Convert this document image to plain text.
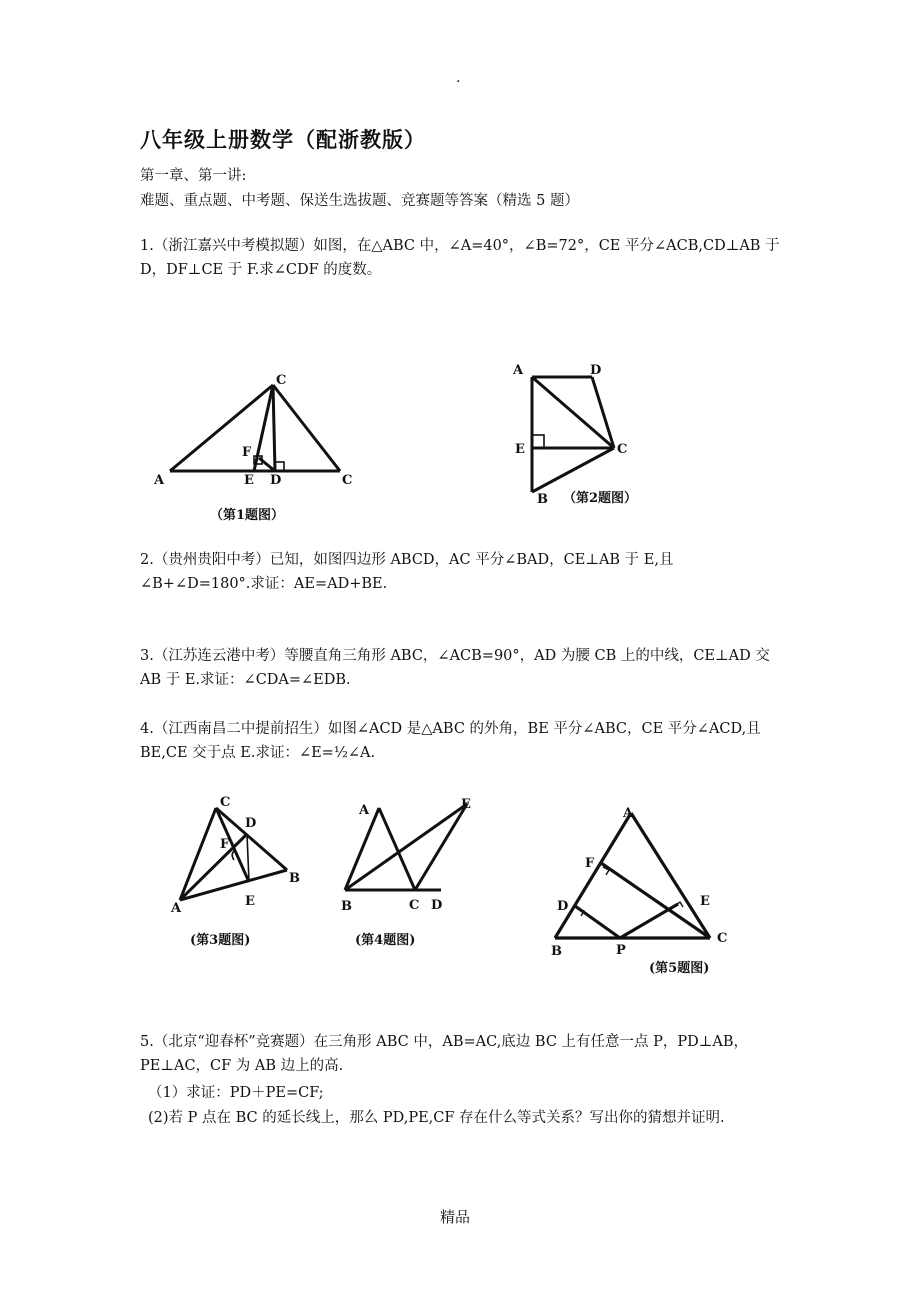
.
八年级上册数学（配浙教版）
第一章、第一讲:
难题、重点题、中考题、保送生选拔题、竞赛题等答案（精选 5 题）
1.（浙江嘉兴中考模拟题）如图，在△ABC 中，∠A=40°，∠B=72°，CE 平分∠ACB,CD⊥AB 于 D，DF⊥CE 于 F.求∠CDF 的度数。
A
C
C
F
E D
（第1题图）
A	D
E	C
B （第2题图）
2.（贵州贵阳中考）已知，如图四边形 ABCD，AC 平分∠BAD，CE⊥AB 于 E,且∠B+∠D=180°.求证：AE=AD+BE.
3.（江苏连云港中考）等腰直角三角形 ABC，∠ACB=90°，AD 为腰 CB 上的中线，CE⊥AD 交 AB 于 E.求证：∠CDA=∠EDB.
4.（江西南昌二中提前招生）如图∠ACD 是△ABC 的外角，BE 平分∠ABC，CE 平分∠ACD,且 BE,CE 交于点 E.求证：∠E=½∠A.
C
D
F
B
A	E
(第3题图)
A	E
B	C D
(第4题图)
A
F
D	E
B	P
C
(第5题图)
5.（北京“迎春杯”竞赛题）在三角形 ABC 中，AB=AC,底边 BC 上有任意一点 P，PD⊥AB，PE⊥AC，CF 为 AB 边上的高.
（1）求证：PD＋PE=CF;
(2)若 P 点在 BC 的延长线上，那么 PD,PE,CF 存在什么等式关系？写出你的猜想并证明.
精品
